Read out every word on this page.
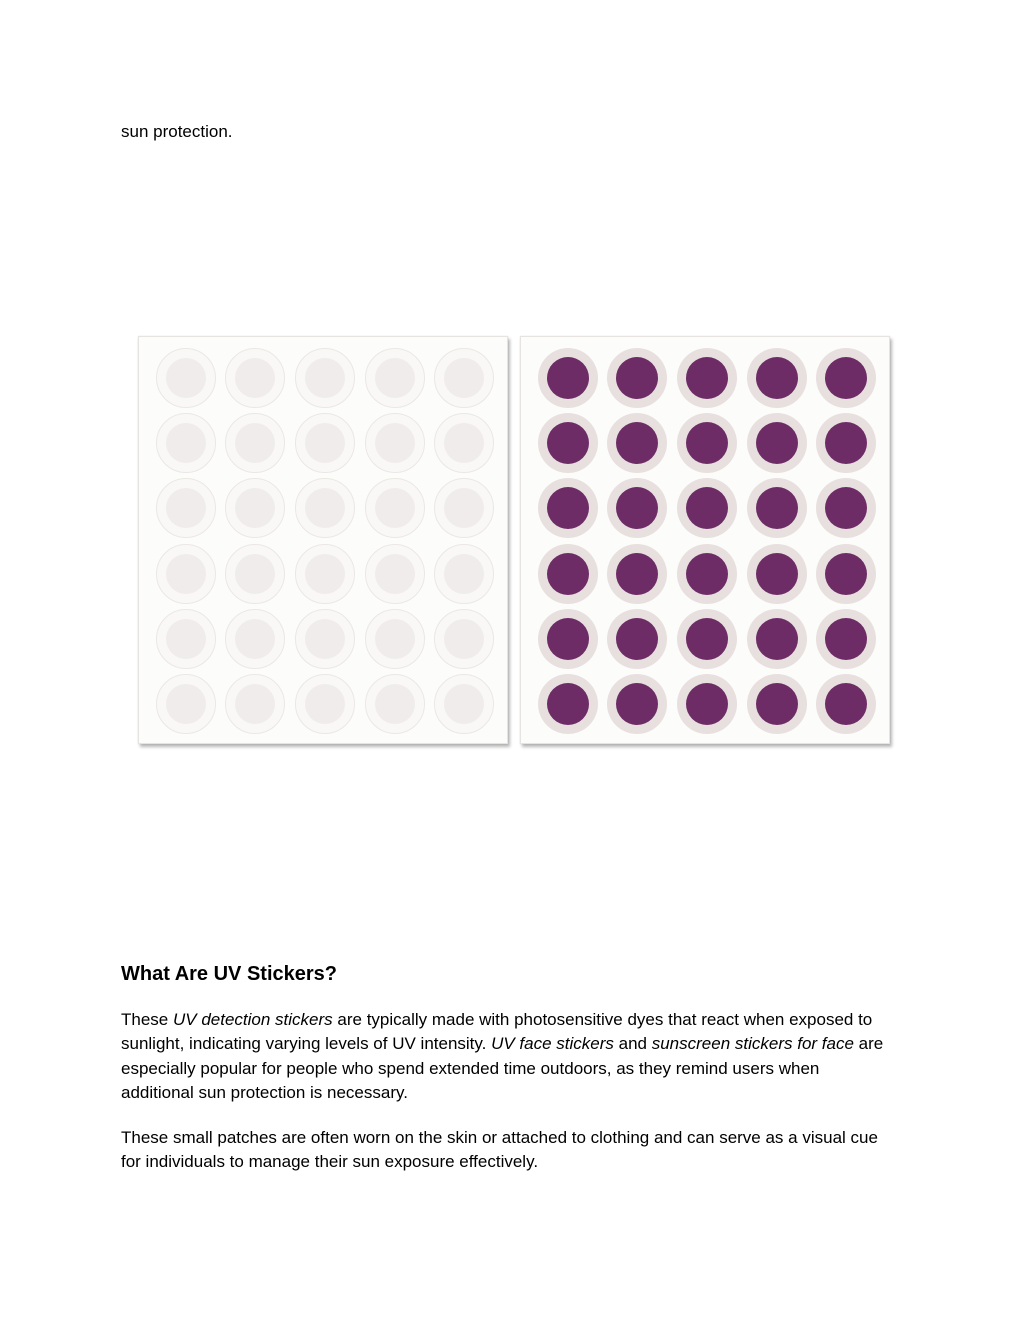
sun protection.

What Are UV Stickers?

These UV detection stickers are typically made with photosensitive dyes that react when exposed to sunlight, indicating varying levels of UV intensity. UV face stickers and sunscreen stickers for face are especially popular for people who spend extended time outdoors, as they remind users when additional sun protection is necessary.

These small patches are often worn on the skin or attached to clothing and can serve as a visual cue for individuals to manage their sun exposure effectively.
